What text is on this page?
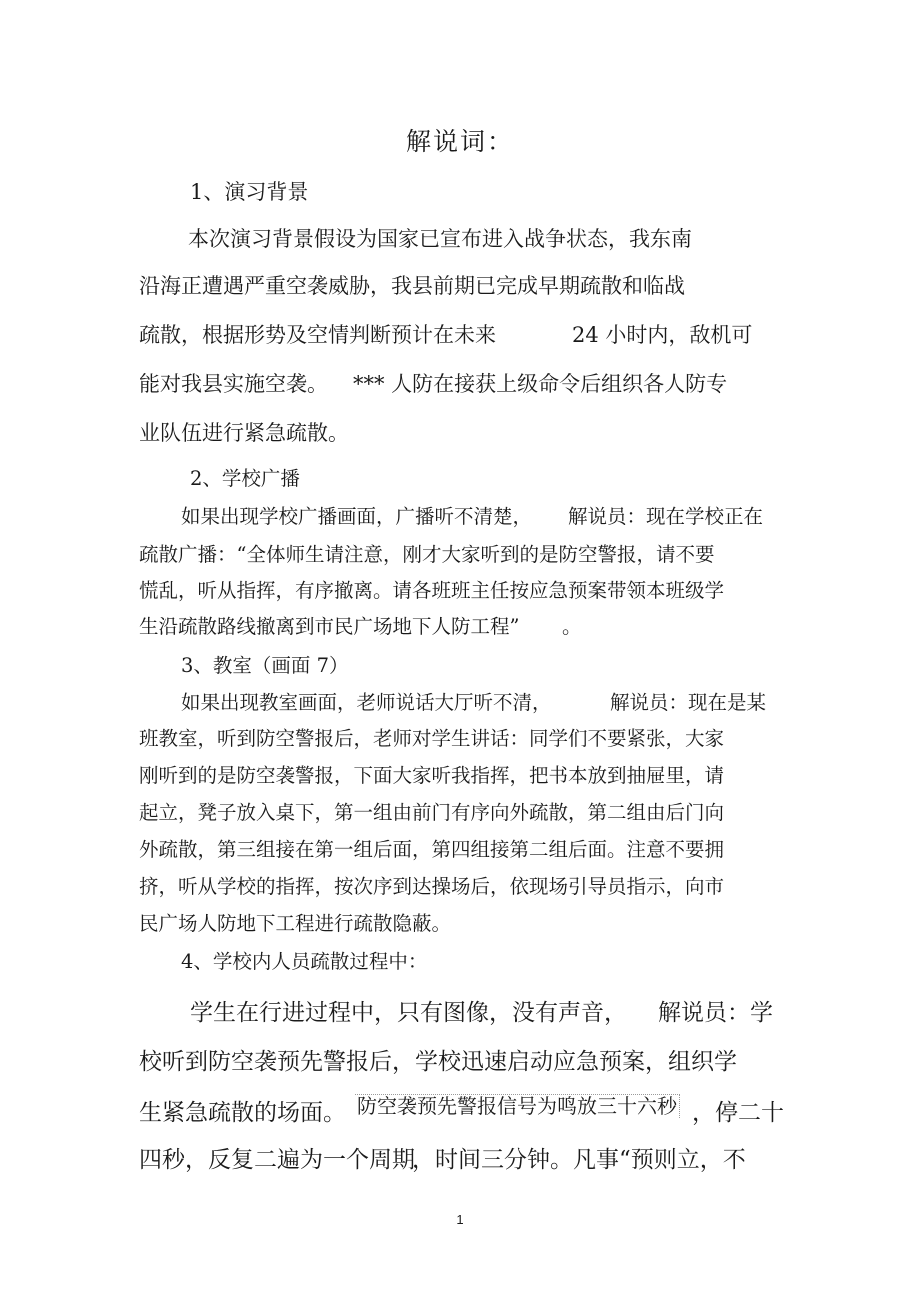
解说词：
1、演习背景
本次演习背景假设为国家已宣布进入战争状态，我东南
沿海正遭遇严重空袭威胁，我县前期已完成早期疏散和临战
疏散，根据形势及空情判断预计在未来	24 小时内，敌机可
能对我县实施空袭。 *** 人防在接获上级命令后组织各人防专
业队伍进行紧急疏散。
2、学校广播
如果出现学校广播画面，广播听不清楚， 解说员：现在学校正在
疏散广播：“全体师生请注意，刚才大家听到的是防空警报，请不要
慌乱，听从指挥，有序撤离。请各班班主任按应急预案带领本班级学
生沿疏散路线撤离到市民广场地下人防工程” 。
3、教室（画面 7）
如果出现教室画面，老师说话大厅听不清，	解说员：现在是某
班教室，听到防空警报后，老师对学生讲话：同学们不要紧张，大家
刚听到的是防空袭警报，下面大家听我指挥，把书本放到抽屉里，请
起立，凳子放入桌下，第一组由前门有序向外疏散，第二组由后门向
外疏散，第三组接在第一组后面，第四组接第二组后面。注意不要拥
挤，听从学校的指挥，按次序到达操场后，依现场引导员指示，向市
民广场人防地下工程进行疏散隐蔽。
4、学校内人员疏散过程中：
学生在行进过程中，只有图像，没有声音， 解说员：学
校听到防空袭预先警报后，学校迅速启动应急预案，组织学
生紧急疏散的场面。 防空袭预先警报信号为鸣放三十六秒 ，停二十
四秒，反复二遍为一个周期
，时间三分钟。凡事“预则立，不
1
